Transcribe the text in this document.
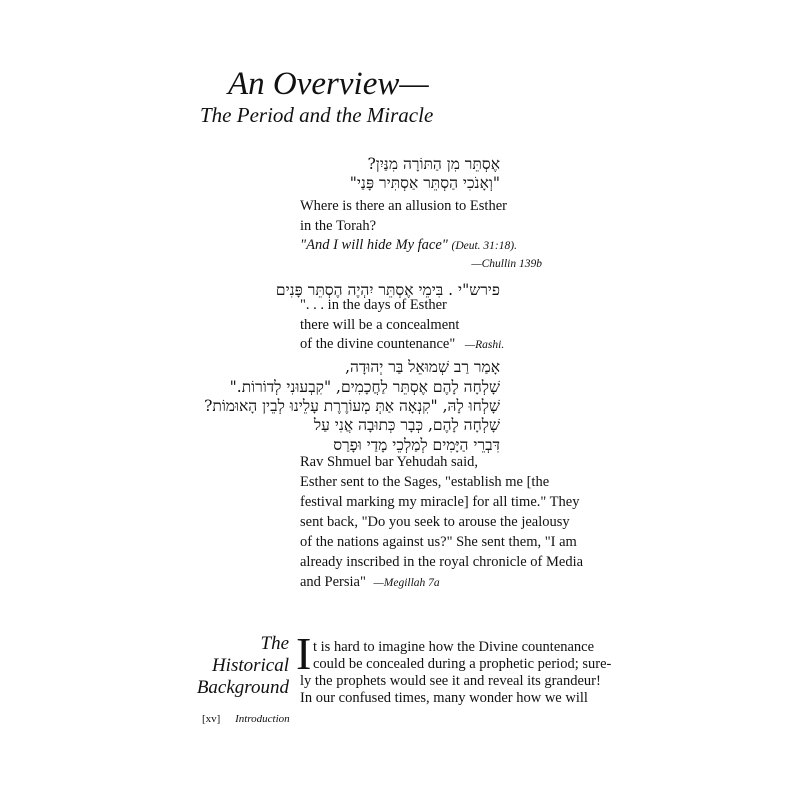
An Overview—
The Period and the Miracle
אֶסְתֵּר מִן הַתּוֹרָה מִנַּיִן?
"וְאָנֹכִי הַסְתֵּר אַסְתִּיר פָּנַי"
Where is there an allusion to Esther
in the Torah?
"And I will hide My face" (Deut. 31:18).
—Chullin 139b
פירש"י . בִּימֵי אֶסְתֵּר יִהְיֶה הֶסְתֵּר פָּנִים
". . . in the days of Esther
there will be a concealment
of the divine countenance" —Rashi.
אָמַר רַב שְׁמוּאֵל בַּר יְהוּדָה,
שָׁלְחָה לָהֶם אֶסְתֵּר לַחֲכָמִים, "קִבְעוּנִי לְדוֹרוֹת."
שָׁלְחוּ לָהּ, "קִנְאָה אַתְּ מְעוֹרֶרֶת עָלֵינוּ לְבֵין הָאוּמוֹת?
שָׁלְחָה לָהֶם, כְּבָר כְּתוּבָה אֲנִי עַל
דִּבְרֵי הַיָּמִים לְמַלְכֵי מָדַי וּפָרַס
Rav Shmuel bar Yehudah said,
Esther sent to the Sages, "establish me [the
festival marking my miracle] for all time." They
sent back, "Do you seek to arouse the jealousy
of the nations against us?" She sent them, "I am
already inscribed in the royal chronicle of Media
and Persia" —Megillah 7a
The
Historical
Background
I t is hard to imagine how the Divine countenance
could be concealed during a prophetic period; sure-
ly the prophets would see it and reveal its grandeur!
In our confused times, many wonder how we will
[xv] Introduction
